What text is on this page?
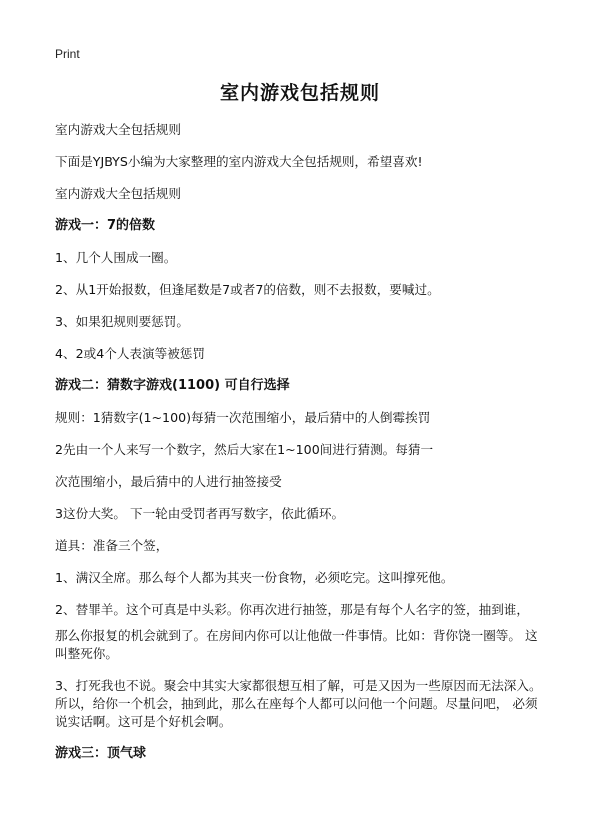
Print
室内游戏包括规则

室内游戏大全包括规则

下面是YJBYS小编为大家整理的室内游戏大全包括规则，希望喜欢!

室内游戏大全包括规则

游戏一：7的倍数

1、几个人围成一圈。

2、从1开始报数，但逢尾数是7或者7的倍数，则不去报数，要喊过。

3、如果犯规则要惩罚。

4、2或4个人表演等被惩罚

游戏二：猜数字游戏(1100) 可自行选择

规则：1猜数字(1~100)每猜一次范围缩小，最后猜中的人倒霉挨罚

2先由一个人来写一个数字，然后大家在1~100间进行猜测。每猜一

次范围缩小，最后猜中的人进行抽签接受

3这份大奖。 下一轮由受罚者再写数字，依此循环。

道具：准备三个签，

1、满汉全席。那么每个人都为其夹一份食物，必须吃完。这叫撑死他。

2、替罪羊。这个可真是中头彩。你再次进行抽签，那是有每个人名字的签，抽到谁，

那么你报复的机会就到了。在房间内你可以让他做一件事情。比如：背你饶一圈等。 这叫整死你。

3、打死我也不说。聚会中其实大家都很想互相了解，可是又因为一些原因而无法深入。 所以，给你一个机会，抽到此，那么在座每个人都可以问他一个问题。尽量问吧， 必须说实话啊。这可是个好机会啊。

游戏三：顶气球
